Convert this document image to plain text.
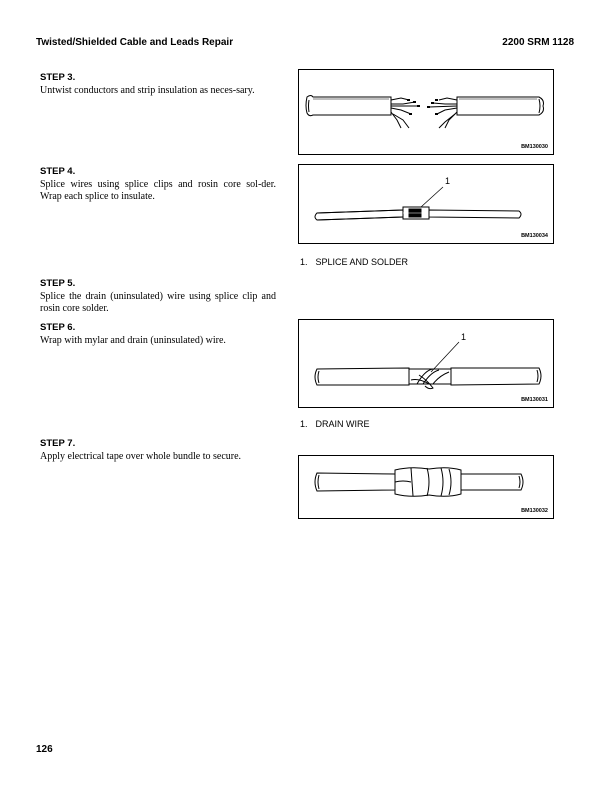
Twisted/Shielded Cable and Leads Repair	2200 SRM 1128
STEP 3.

Untwist conductors and strip insulation as neces-sary.

STEP 4.

Splice wires using splice clips and rosin core sol-der. Wrap each splice to insulate.

STEP 5.

Splice the drain (uninsulated) wire using splice clip and rosin core solder.

STEP 6.

Wrap with mylar and drain (uninsulated) wire.

STEP 7.

Apply electrical tape over whole bundle to secure.

BM130030
1
BM130034
1. SPLICE AND SOLDER
1
BM130031
1. DRAIN WIRE
BM130032
126
